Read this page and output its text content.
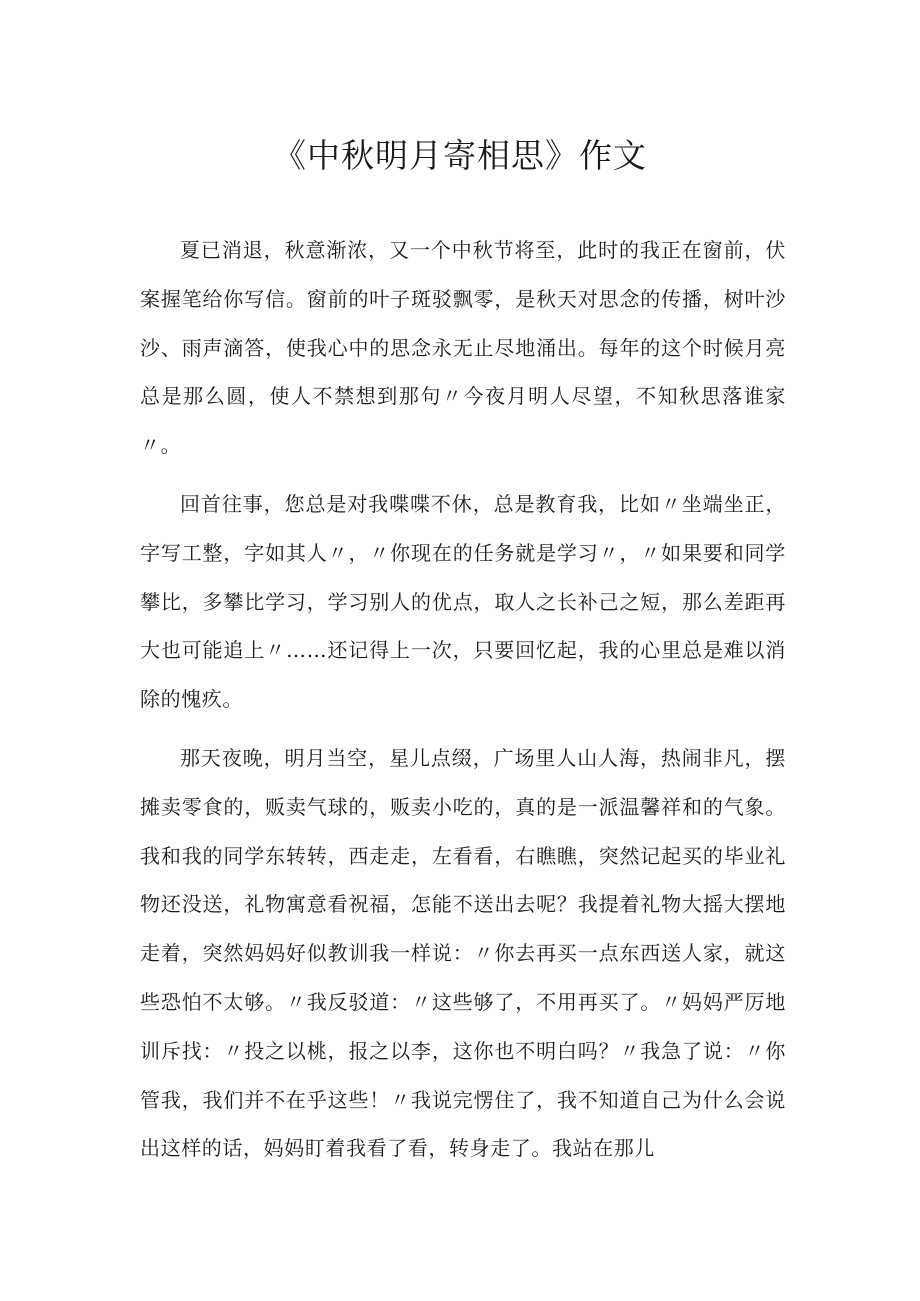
《中秋明月寄相思》作文

夏已消退，秋意渐浓，又一个中秋节将至，此时的我正在窗前，伏案握笔给你写信。窗前的叶子斑驳飘零，是秋天对思念的传播，树叶沙沙、雨声滴答，使我心中的思念永无止尽地涌出。每年的这个时候月亮总是那么圆，使人不禁想到那句〃今夜月明人尽望，不知秋思落谁家〃。

回首往事，您总是对我喋喋不休，总是教育我，比如〃坐端坐正，字写工整，字如其人〃，〃你现在的任务就是学习〃，〃如果要和同学攀比，多攀比学习，学习别人的优点，取人之长补己之短，那么差距再大也可能追上〃……还记得上一次，只要回忆起，我的心里总是难以消除的愧疚。

那天夜晚，明月当空，星儿点缀，广场里人山人海，热闹非凡，摆摊卖零食的，贩卖气球的，贩卖小吃的，真的是一派温馨祥和的气象。我和我的同学东转转，西走走，左看看，右瞧瞧，突然记起买的毕业礼物还没送，礼物寓意看祝福，怎能不送出去呢？我提着礼物大摇大摆地走着，突然妈妈好似教训我一样说：〃你去再买一点东西送人家，就这些恐怕不太够。〃我反驳道：〃这些够了，不用再买了。〃妈妈严厉地训斥找：〃投之以桃，报之以李，这你也不明白吗？〃我急了说：〃你管我，我们并不在乎这些！〃我说完愣住了，我不知道自己为什么会说出这样的话，妈妈盯着我看了看，转身走了。我站在那儿
